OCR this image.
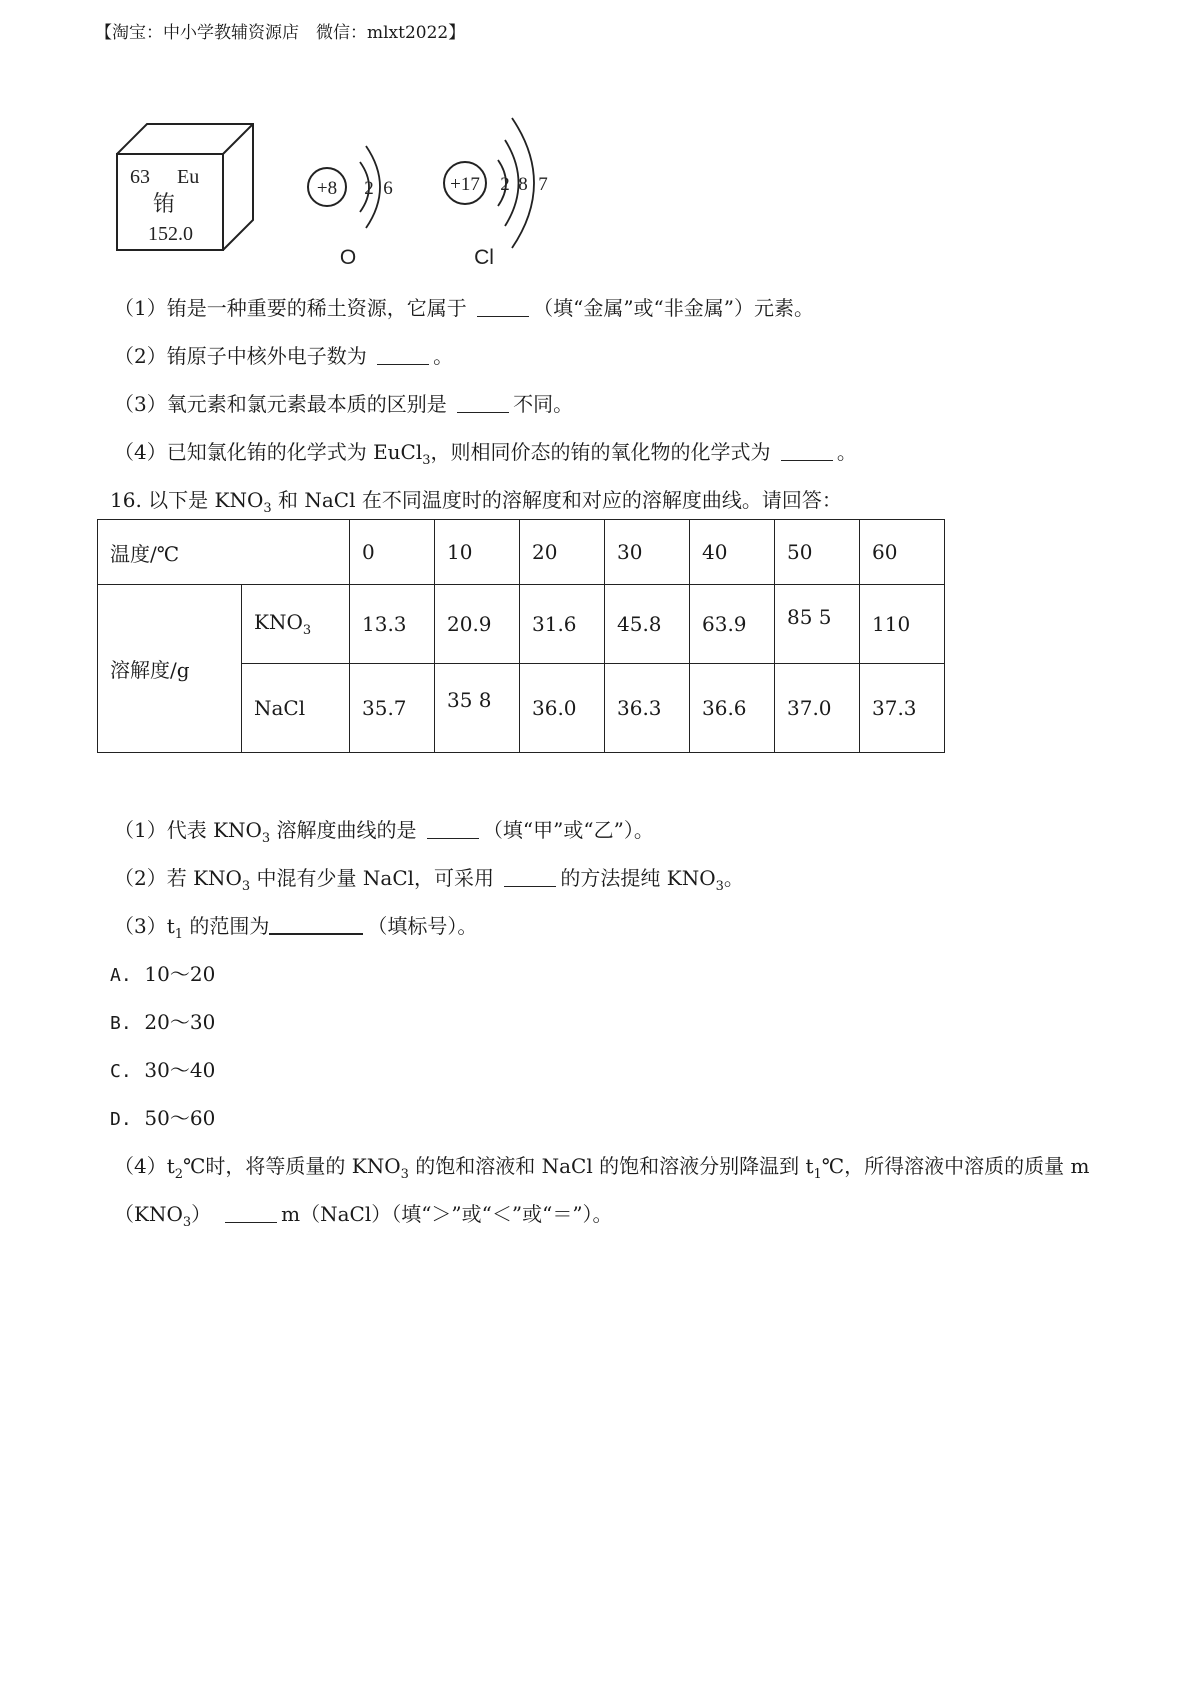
【淘宝：中小学教辅资源店　微信：mlxt2022】
63 Eu
铕
152.0
+8 2 6
O
+17 2 8 7
Cl
（1）铕是一种重要的稀土资源，它属于	（填“金属”或“非金属”）元素。
（2）铕原子中核外电子数为	。
（3）氧元素和氯元素最本质的区别是	不同。
（4）已知氯化铕的化学式为 EuCl$_3$，则相同价态的铕的氧化物的化学式为	。
16. 以下是 $KNO_3$ 和 NaCl 在不同温度时的溶解度和对应的溶解度曲线。请回答：
温度/℃		0	10	20	30	40	50	60
溶解度/g	$KNO_3$	13.3	20.9	31.6	45.8	63.9	85 5	110
	NaCl	35.7	35 8	36.0	36.3	36.6	37.0	37.3
（1）代表 $KNO_3$ 溶解度曲线的是	（填“甲”或“乙”）。
（2）若 $KNO_3$ 中混有少量 NaCl，可采用	的方法提纯 $KNO_3$。
$(3)t_1$ 的范围为	（填标号）。
A. 10～20
B. 20～30
C. 30～40
D. 50～60
$(4)t_2℃$时，将等质量的 $KNO_3$ 的饱和溶液和 NaCl 的饱和溶液分别降温到 $t_1℃$，所得溶液中溶质的质量 m
$(KNO_3)$	m（NaCl）（填“＞”或“＜”或“＝”）。
